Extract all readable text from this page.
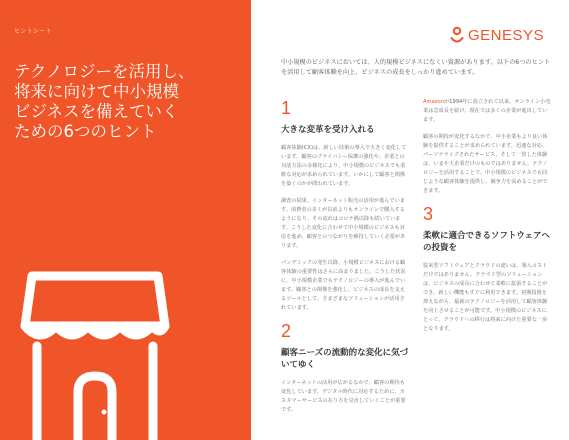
ヒントシート
テクノロジーを活用し、
将来に向けて中小規模
ビジネスを備えていく
ための6つのヒント
GENESYS

中小規模のビジネスにおいては、人的規模ビジネスになくい資源があります。以下の6つのヒントを活用して顧客体験を向上、ビジネスの成長をしっかり進めています。

1
大きな変革を受け入れる

顧客体験(CX)は、新しい技術の導入で大きく変化しています。顧客のプライバシー保護の強化や、企業との対話方法の多様化により、中小規模のビジネスでも柔軟な対応が求められています。いかにして顧客と関係を築くのかが問われています。

調査の結果、インターネット販売の活用が進んでいます。消費者の多くが以前よりもオンラインで購入するようになり、その流れはコロナ禍以降も続いています。こうした変化に合わせて中小規模のビジネスも対応を進め、顧客とのつながりを維持していく必要があります。

パンデミックの発生以降、小規模ビジネスにおける顧客体験の重要性はさらに高まりました。こうした状況に、中小規模企業でもテクノロジーの導入が進んでいます。顧客との関係を強化し、ビジネスの成長を支えるツールとして、さまざまなソリューションが活用されています。

2
顧客ニーズの流動的な変化に気づいてゆく

インターネットの活用が広がるなかで、顧客の期待も変化しています。デジタル時代に対応するために、カスタマーサービスの在り方を見直していくことが重要です。

Amazonが1994年に設立されて以来、オンライン小売業は急成長を続け、現在では多くの企業が進出しています。

顧客の期待が変化するなかで、中小企業もより良い体験を提供することが求められています。迅速な対応、パーソナライズされたサービス、そして一貫した体験は、いまや大企業だけのものではありません。テクノロジーを活用することで、中小規模のビジネスでも同じような顧客体験を提供し、競争力を高めることができます。

3
柔軟に適合できるソフトウェアへの投資を

従来型ソフトウェアとクラウドの違いは、導入コストだけではありません。クラウド型のソリューションは、ビジネスの成長に合わせて柔軟に拡張することができ、新しい機能もすぐに利用できます。初期投資を抑えながら、最新のテクノロジーを活用して顧客体験を向上させることが可能です。中小規模のビジネスにとって、クラウドへの移行は将来に向けた重要な一歩となります。
